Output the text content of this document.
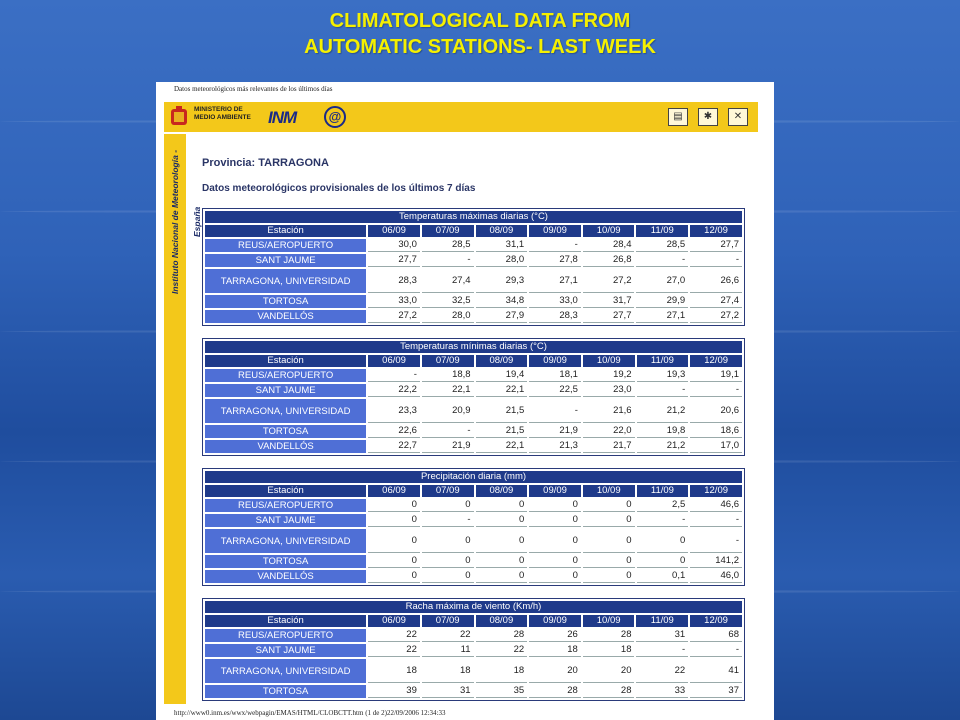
CLIMATOLOGICAL DATA FROM
AUTOMATIC STATIONS- LAST WEEK
Datos meteorológicos más relevantes de los últimos días
MINISTERIO DE MEDIO AMBIENTE	INM	@	▤	✱	✕
Instituto Nacional de Meteorología - España
Provincia: TARRAGONA
Datos meteorológicos provisionales de los últimos 7 días
Temperaturas máximas diarias (°C)							
Estación	06/09	07/09	08/09	09/09	10/09	11/09	12/09
REUS/AEROPUERTO	30,0	28,5	31,1	-	28,4	28,5	27,7
SANT JAUME	27,7	-	28,0	27,8	26,8	-	-
TARRAGONA, UNIVERSIDAD	28,3	27,4	29,3	27,1	27,2	27,0	26,6
TORTOSA	33,0	32,5	34,8	33,0	31,7	29,9	27,4
VANDELLÓS	27,2	28,0	27,9	28,3	27,7	27,1	27,2
Temperaturas mínimas diarias (°C)							
Estación	06/09	07/09	08/09	09/09	10/09	11/09	12/09
REUS/AEROPUERTO	-	18,8	19,4	18,1	19,2	19,3	19,1
SANT JAUME	22,2	22,1	22,1	22,5	23,0	-	-
TARRAGONA, UNIVERSIDAD	23,3	20,9	21,5	-	21,6	21,2	20,6
TORTOSA	22,6	-	21,5	21,9	22,0	19,8	18,6
VANDELLÓS	22,7	21,9	22,1	21,3	21,7	21,2	17,0
Precipitación diaria (mm)							
Estación	06/09	07/09	08/09	09/09	10/09	11/09	12/09
REUS/AEROPUERTO	0	0	0	0	0	2,5	46,6
SANT JAUME	0	-	0	0	0	-	-
TARRAGONA, UNIVERSIDAD	0	0	0	0	0	0	-
TORTOSA	0	0	0	0	0	0	141,2
VANDELLÓS	0	0	0	0	0	0,1	46,0
Racha máxima de viento (Km/h)							
Estación	06/09	07/09	08/09	09/09	10/09	11/09	12/09
REUS/AEROPUERTO	22	22	28	26	28	31	68
SANT JAUME	22	11	22	18	18	-	-
TARRAGONA, UNIVERSIDAD	18	18	18	20	20	22	41
TORTOSA	39	31	35	28	28	33	37
http://www0.inm.es/wwx/webpagin/EMAS/HTML/CLOBCTT.htm (1 de 2)22/09/2006 12:34:33
